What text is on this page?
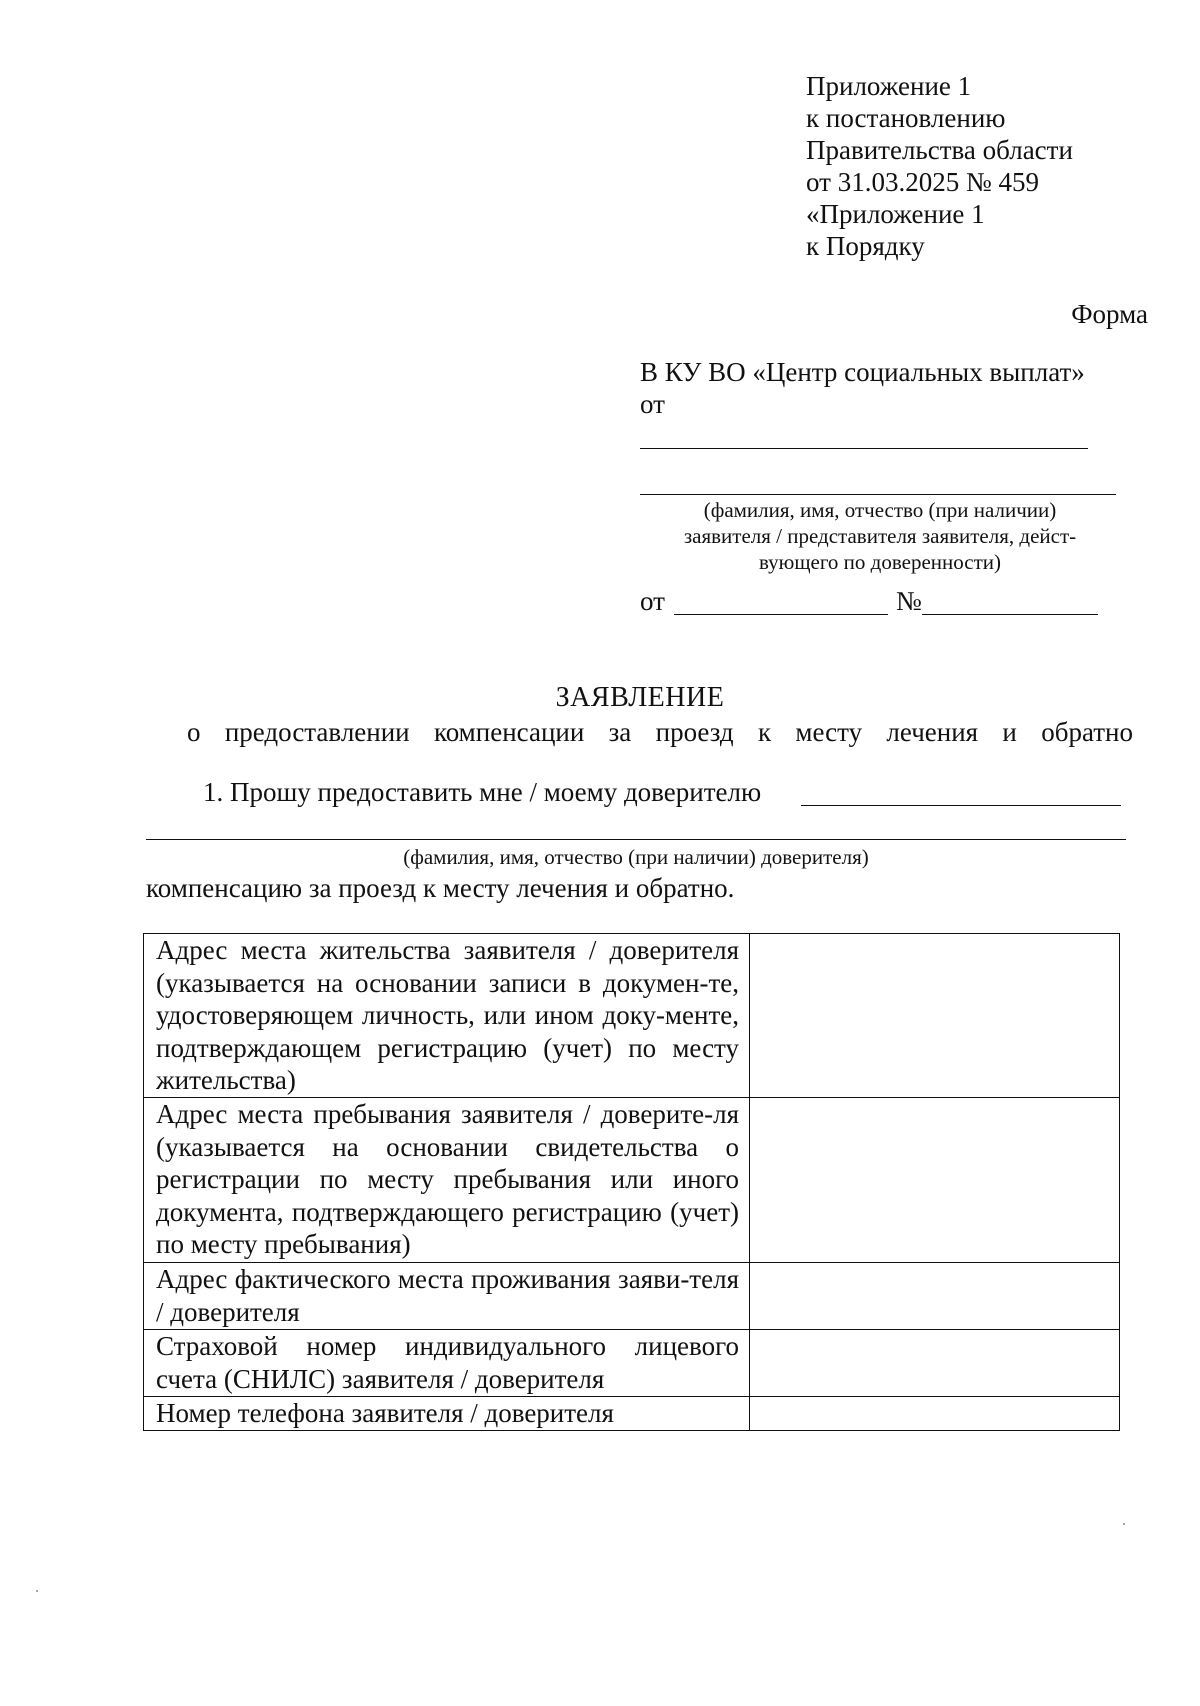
Приложение 1
к постановлению
Правительства области
от 31.03.2025 № 459
«Приложение 1
к Порядку
Форма
В КУ ВО «Центр социальных выплат»
от
(фамилия, имя, отчество (при наличии)
заявителя / представителя заявителя, дейст-
вующего по доверенности)
от	№
ЗАЯВЛЕНИЕ
о предоставлении компенсации за проезд к месту лечения и обратно
1. Прошу предоставить мне / моему доверителю
(фамилия, имя, отчество (при наличии) доверителя)
компенсацию за проезд к месту лечения и обратно.
Адрес места жительства заявителя / доверителя (указывается на основании записи в докумен-те, удостоверяющем личность, или ином доку-менте, подтверждающем регистрацию (учет) по месту жительства)	
Адрес места пребывания заявителя / доверите-ля (указывается на основании свидетельства о регистрации по месту пребывания или иного документа, подтверждающего регистрацию (учет) по месту пребывания)	
Адрес фактического места проживания заяви-теля / доверителя	
Страховой номер индивидуального лицевого счета (СНИЛС) заявителя / доверителя	
Номер телефона заявителя / доверителя	
